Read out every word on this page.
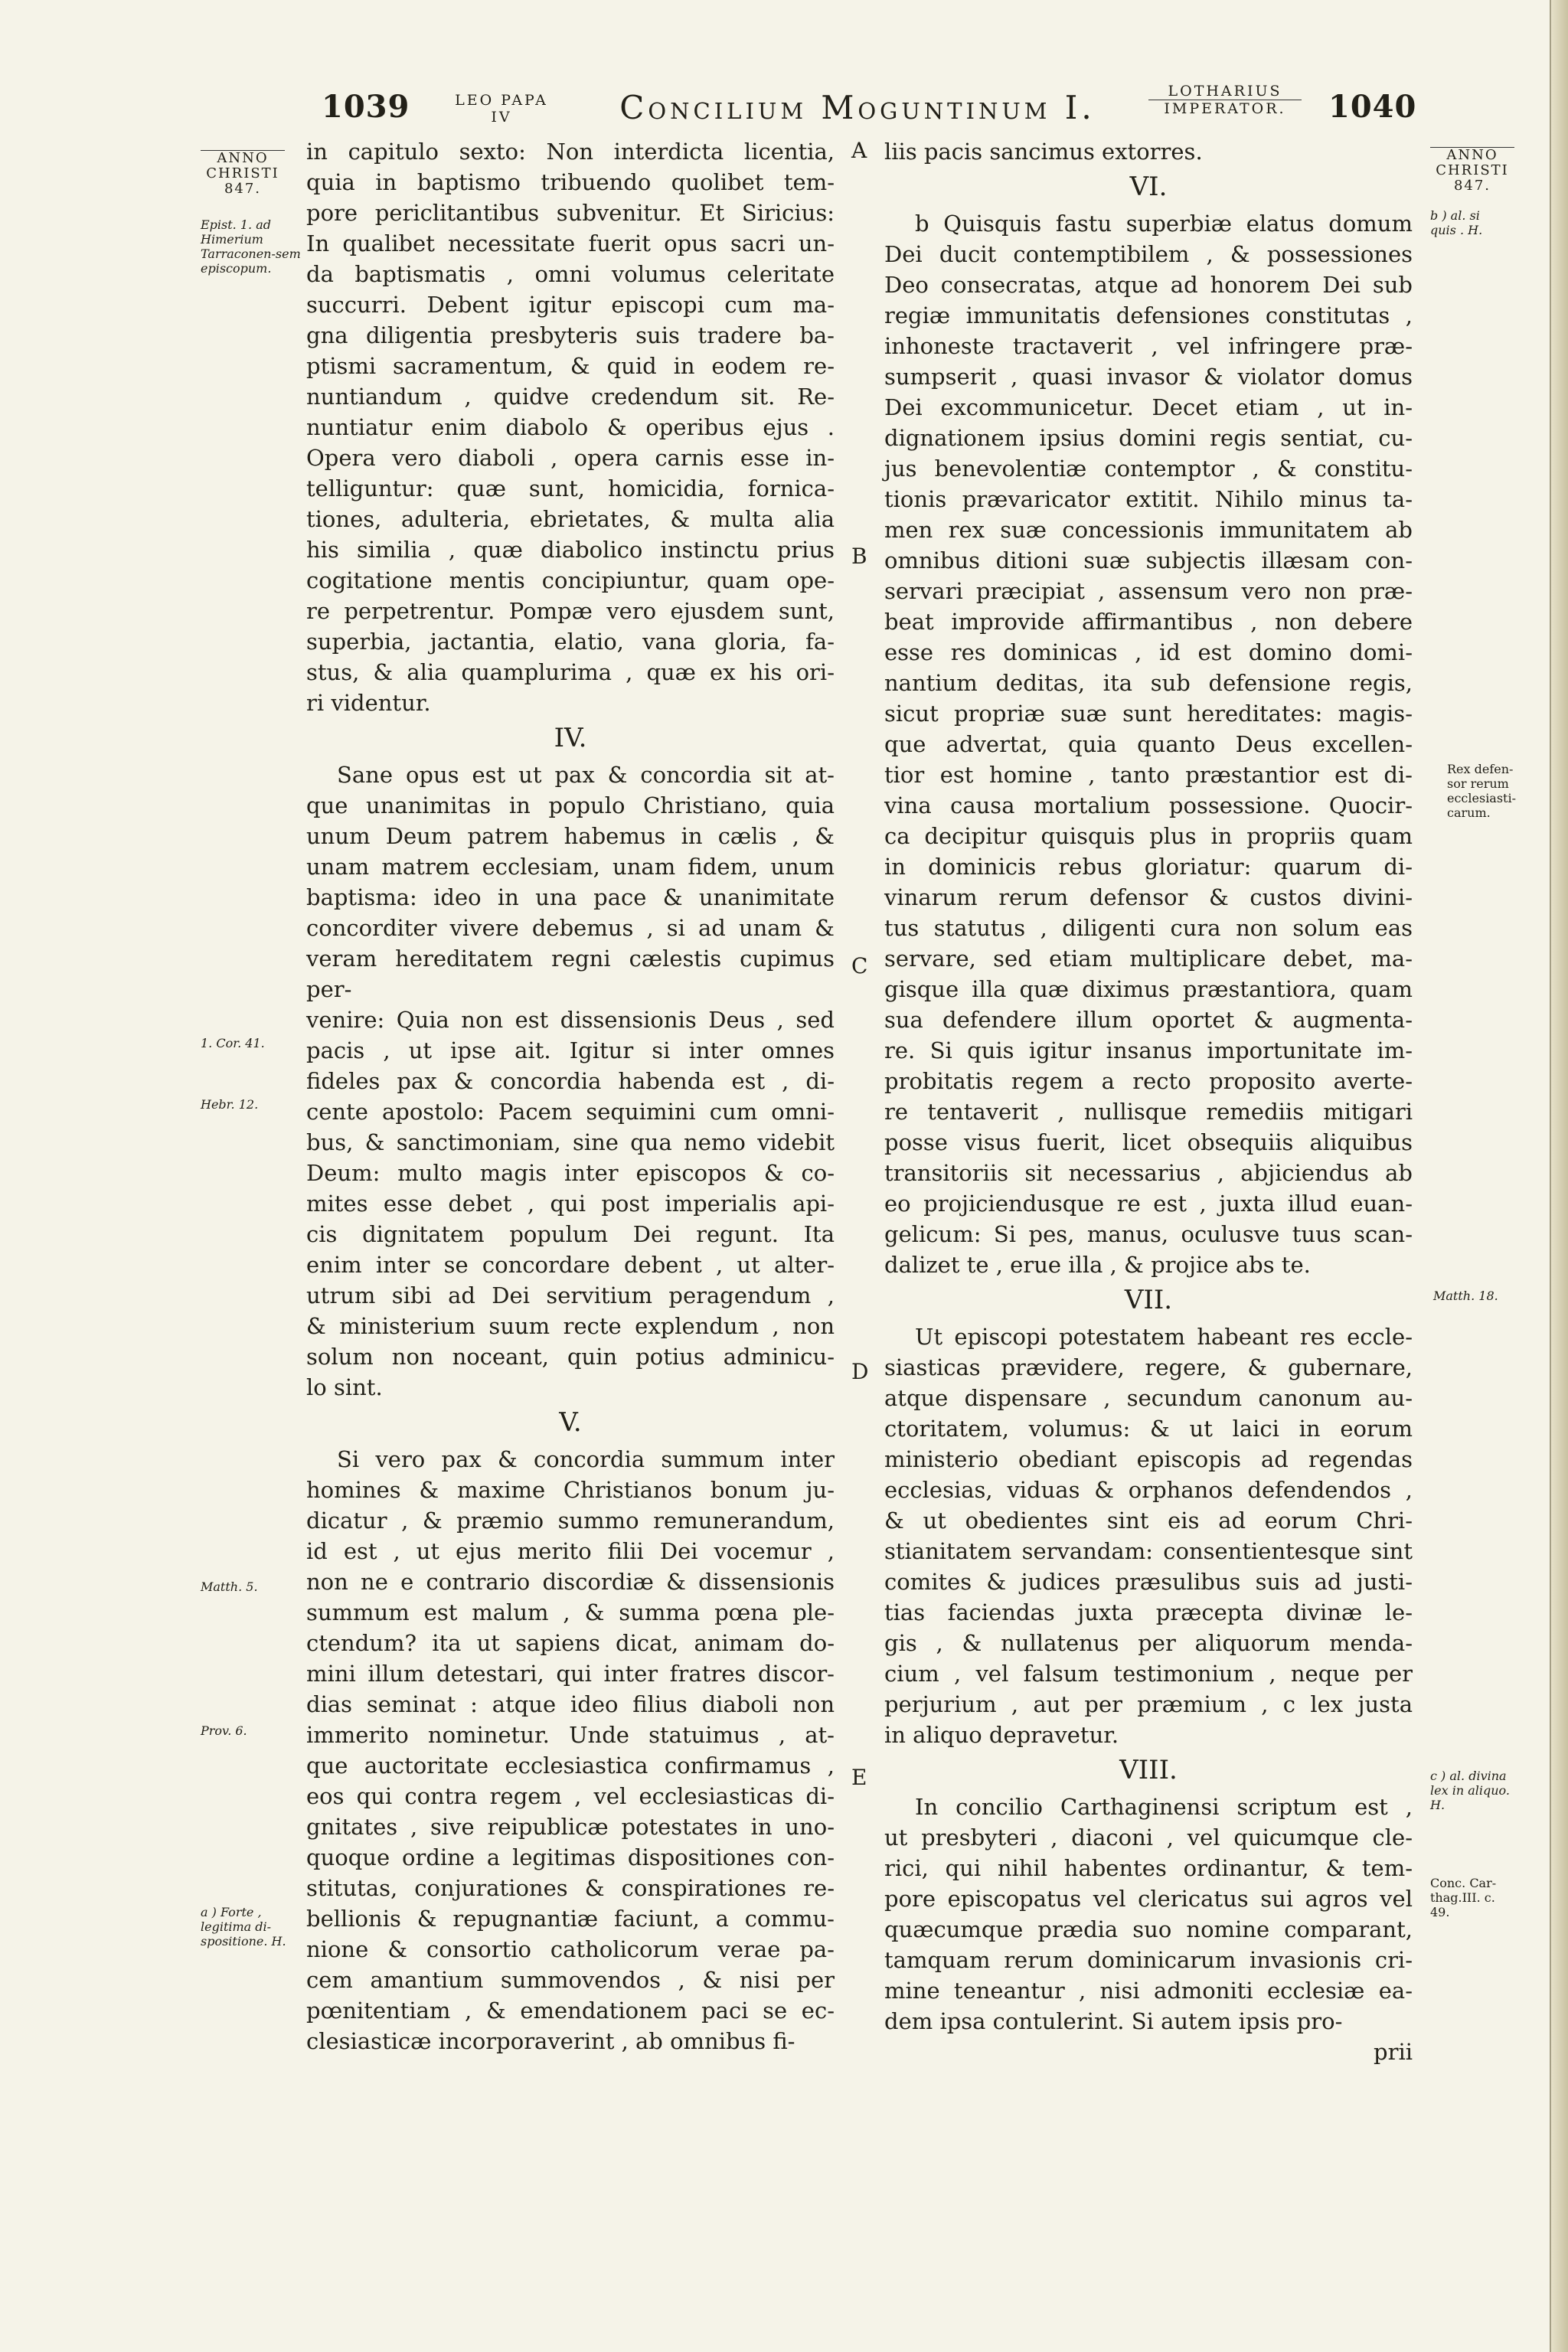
1039	LEO PAPA
IV	Concilium Moguntinum I.	LOTHARIUS
IMPERATOR.	1040
ANNO
CHRISTI
847.
Epist. 1. ad Himerium Tarraconen-sem episcopum.
1. Cor. 41.
Hebr. 12.
Matth. 5.
Prov. 6.
a ) Forte , legitima di-spositione. H.
A
B
C
D
E
ANNO
CHRISTI
847.
b ) al. si quis . H.
Rex defen-sor rerum ecclesiasti-carum.
Matth. 18.
c ) al. divina lex in aliquo. H.
Conc. Car-thag.III. c. 49.
in capitulo sexto: Non interdicta licentia,
quia in baptismo tribuendo quolibet tem-
pore periclitantibus subvenitur. Et Siricius:
In qualibet necessitate fuerit opus sacri un-
da baptismatis , omni volumus celeritate
succurri. Debent igitur episcopi cum ma-
gna diligentia presbyteris suis tradere ba-
ptismi sacramentum, & quid in eodem re-
nuntiandum , quidve credendum sit. Re-
nuntiatur enim diabolo & operibus ejus .
Opera vero diaboli , opera carnis esse in-
telliguntur: quæ sunt, homicidia, fornica-
tiones, adulteria, ebrietates, & multa alia
his similia , quæ diabolico instinctu prius
cogitatione mentis concipiuntur, quam ope-
re perpetrentur. Pompæ vero ejusdem sunt,
superbia, jactantia, elatio, vana gloria, fa-
stus, & alia quamplurima , quæ ex his ori-
ri videntur.
IV.
Sane opus est ut pax & concordia sit at-
que unanimitas in populo Christiano, quia
unum Deum patrem habemus in cælis , &
unam matrem ecclesiam, unam fidem, unum
baptisma: ideo in una pace & unanimitate
concorditer vivere debemus , si ad unam &
veram hereditatem regni cælestis cupimus per-
venire: Quia non est dissensionis Deus , sed
pacis , ut ipse ait. Igitur si inter omnes
fideles pax & concordia habenda est , di-
cente apostolo: Pacem sequimini cum omni-
bus, & sanctimoniam, sine qua nemo videbit
Deum: multo magis inter episcopos & co-
mites esse debet , qui post imperialis api-
cis dignitatem populum Dei regunt. Ita
enim inter se concordare debent , ut alter-
utrum sibi ad Dei servitium peragendum ,
& ministerium suum recte explendum , non
solum non noceant, quin potius adminicu-
lo sint.
V.
Si vero pax & concordia summum inter
homines & maxime Christianos bonum ju-
dicatur , & præmio summo remunerandum,
id est , ut ejus merito filii Dei vocemur ,
non ne e contrario discordiæ & dissensionis
summum est malum , & summa pœna ple-
ctendum? ita ut sapiens dicat, animam do-
mini illum detestari, qui inter fratres discor-
dias seminat : atque ideo filius diaboli non
immerito nominetur. Unde statuimus , at-
que auctoritate ecclesiastica confirmamus ,
eos qui contra regem , vel ecclesiasticas di-
gnitates , sive reipublicæ potestates in uno-
quoque ordine a legitimas dispositiones con-
stitutas, conjurationes & conspirationes re-
bellionis & repugnantiæ faciunt, a commu-
nione & consortio catholicorum verae pa-
cem amantium summovendos , & nisi per
pœnitentiam , & emendationem paci se ec-
clesiasticæ incorporaverint , ab omnibus fi-
liis pacis sancimus extorres.
VI.
b Quisquis fastu superbiæ elatus domum
Dei ducit contemptibilem , & possessiones
Deo consecratas, atque ad honorem Dei sub
regiæ immunitatis defensiones constitutas ,
inhoneste tractaverit , vel infringere præ-
sumpserit , quasi invasor & violator domus
Dei excommunicetur. Decet etiam , ut in-
dignationem ipsius domini regis sentiat, cu-
jus benevolentiæ contemptor , & constitu-
tionis prævaricator extitit. Nihilo minus ta-
men rex suæ concessionis immunitatem ab
omnibus ditioni suæ subjectis illæsam con-
servari præcipiat , assensum vero non præ-
beat improvide affirmantibus , non debere
esse res dominicas , id est domino domi-
nantium deditas, ita sub defensione regis,
sicut propriæ suæ sunt hereditates: magis-
que advertat, quia quanto Deus excellen-
tior est homine , tanto præstantior est di-
vina causa mortalium possessione. Quocir-
ca decipitur quisquis plus in propriis quam
in dominicis rebus gloriatur: quarum di-
vinarum rerum defensor & custos divini-
tus statutus , diligenti cura non solum eas
servare, sed etiam multiplicare debet, ma-
gisque illa quæ diximus præstantiora, quam
sua defendere illum oportet & augmenta-
re. Si quis igitur insanus importunitate im-
probitatis regem a recto proposito averte-
re tentaverit , nullisque remediis mitigari
posse visus fuerit, licet obsequiis aliquibus
transitoriis sit necessarius , abjiciendus ab
eo projiciendusque re est , juxta illud euan-
gelicum: Si pes, manus, oculusve tuus scan-
dalizet te , erue illa , & projice abs te.
VII.
Ut episcopi potestatem habeant res eccle-
siasticas prævidere, regere, & gubernare,
atque dispensare , secundum canonum au-
ctoritatem, volumus: & ut laici in eorum
ministerio obediant episcopis ad regendas
ecclesias, viduas & orphanos defendendos ,
& ut obedientes sint eis ad eorum Chri-
stianitatem servandam: consentientesque sint
comites & judices præsulibus suis ad justi-
tias faciendas juxta præcepta divinæ le-
gis , & nullatenus per aliquorum menda-
cium , vel falsum testimonium , neque per
perjurium , aut per præmium , c lex justa
in aliquo depravetur.
VIII.
In concilio Carthaginensi scriptum est ,
ut presbyteri , diaconi , vel quicumque cle-
rici, qui nihil habentes ordinantur, & tem-
pore episcopatus vel clericatus sui agros vel
quæcumque prædia suo nomine comparant,
tamquam rerum dominicarum invasionis cri-
mine teneantur , nisi admoniti ecclesiæ ea-
dem ipsa contulerint. Si autem ipsis pro-
prii
